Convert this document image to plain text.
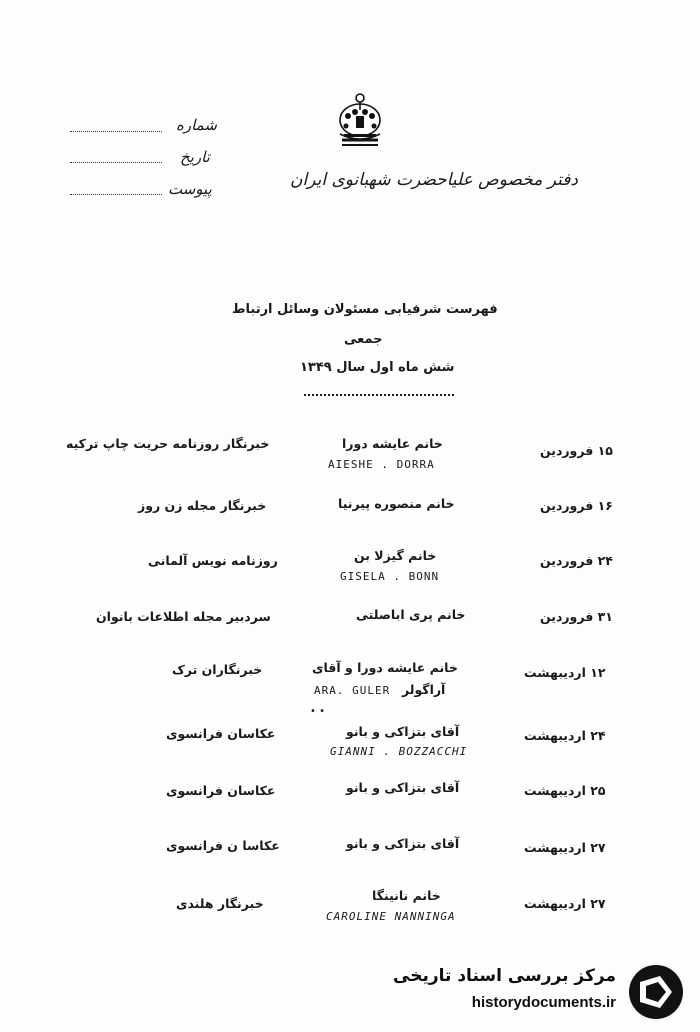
شماره
تاریخ
پیوست	دفتر مخصوص علیاحضرت شهبانوی ایران
فهرست شرفیابی مسئولان وسائل ارتباط
جمعی
شش ماه اول سال ۱۳۴۹
۱۵ فروردین
خانم عایشه دورا
AIESHE . DORRA
خبرنگار روزنامه حریت چاپ ترکیه
۱۶ فروردین
خانم منصوره پیرنیا
خبرنگار مجله زن روز
۲۴ فروردین
خانم گیزلا بن
GISELA . BONN
روزنامه نویس آلمانی
۳۱ فروردین
خانم پری اباصلتی
سردبیر مجله اطلاعات بانوان
۱۲ اردیبهشت
خانم عایشه دورا و آقای
آراگولر
ARA. GULER
خبرنگاران ترک
• •
۲۴ اردیبهشت
آقای بتزاکی و بانو
GIANNI . BOZZACCHI
عکاسان فرانسوی
۲۵ اردیبهشت
آقای بتزاکی و بانو
عکاسان فرانسوی
۲۷ اردیبهشت
آقای بتزاکی و بانو
عکاسا ن فرانسوی
۲۷ اردیبهشت
خانم نانینگا
CAROLINE NANNINGA
خبرنگار هلندی
مرکز بررسی اسناد تاریخی
historydocuments.ir
